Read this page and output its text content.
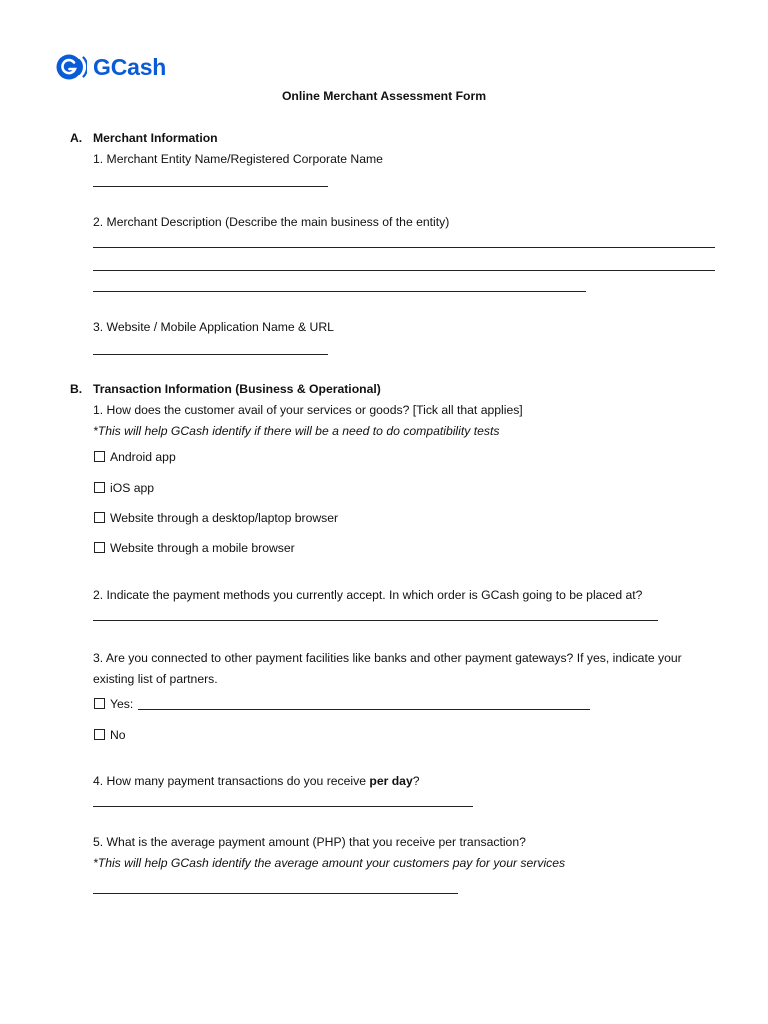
GCash
Online Merchant Assessment Form
A. Merchant Information
1. Merchant Entity Name/Registered Corporate Name
2. Merchant Description (Describe the main business of the entity)
3. Website / Mobile Application Name & URL
B. Transaction Information (Business & Operational)
1. How does the customer avail of your services or goods? [Tick all that applies]
*This will help GCash identify if there will be a need to do compatibility tests
Android app
iOS app
Website through a desktop/laptop browser
Website through a mobile browser
2. Indicate the payment methods you currently accept. In which order is GCash going to be placed at?
3. Are you connected to other payment facilities like banks and other payment gateways? If yes, indicate your
existing list of partners.
Yes:
No
4. How many payment transactions do you receive per day?
5. What is the average payment amount (PHP) that you receive per transaction?
*This will help GCash identify the average amount your customers pay for your services
